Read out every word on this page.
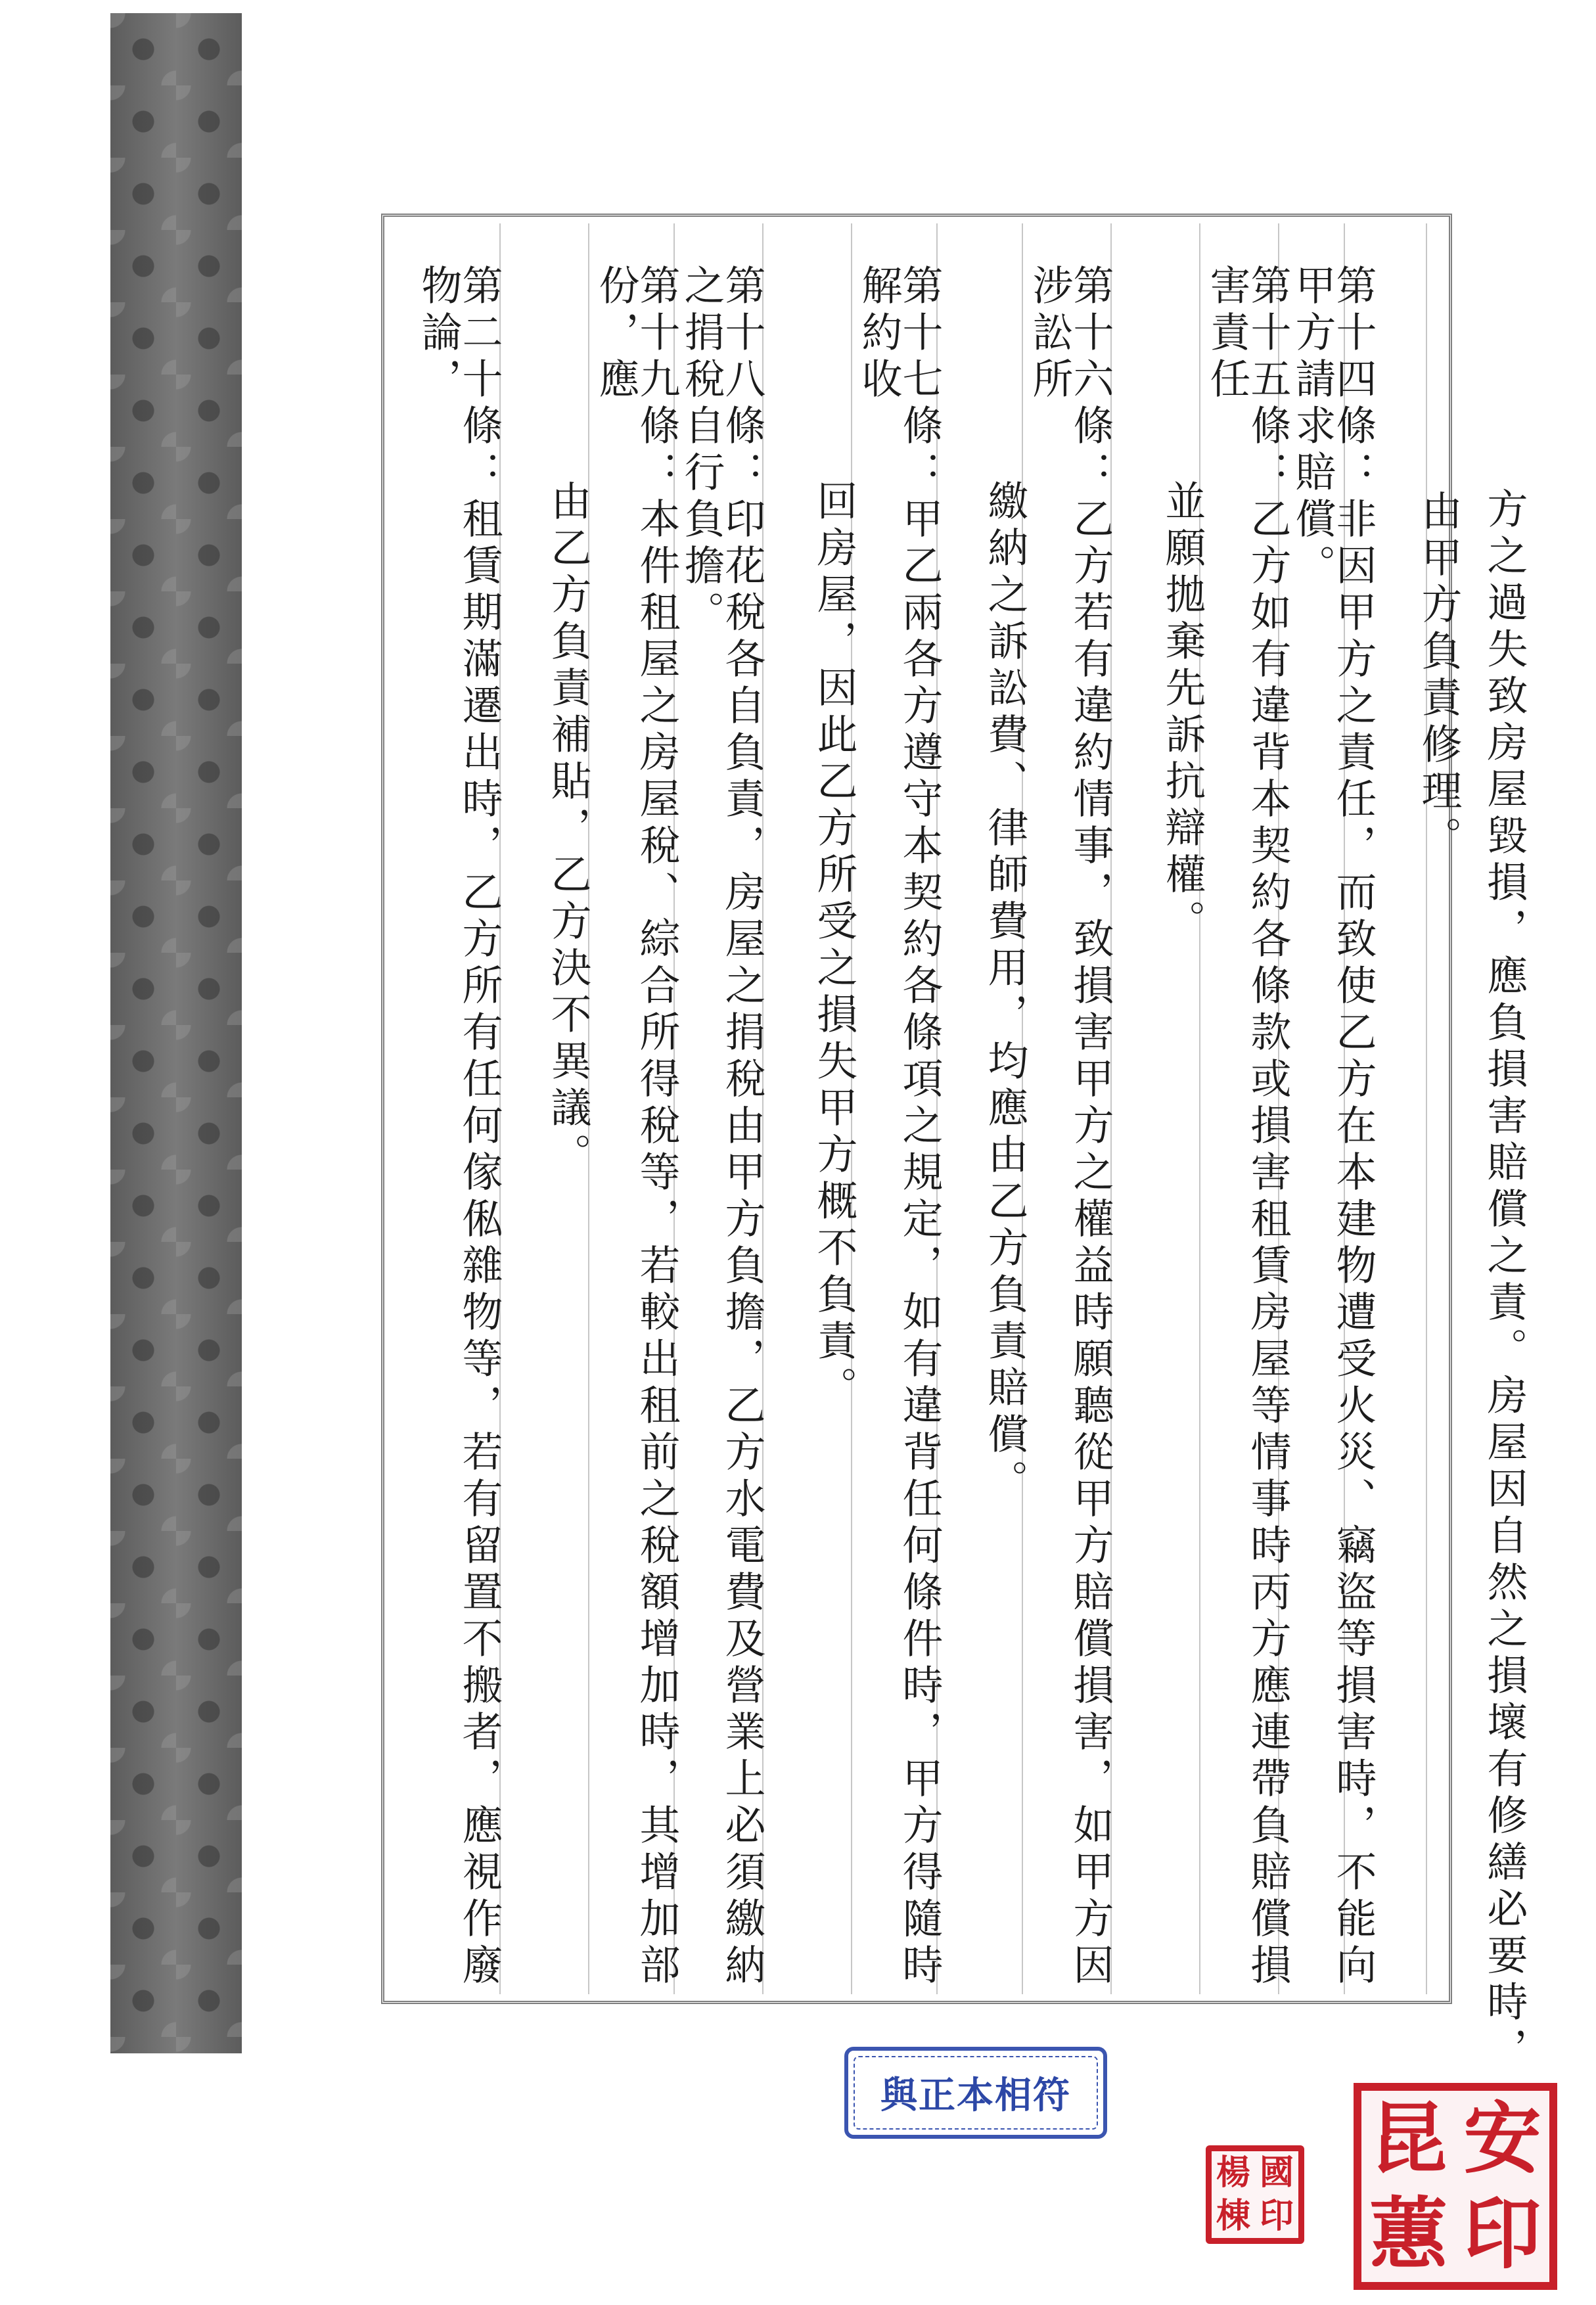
方之過失致房屋毀損，應負損害賠償之責。房屋因自然之損壞有修繕必要時，

由甲方負責修理。

第十四條：非因甲方之責任，而致使乙方在本建物遭受火災、竊盜等損害時，不能向甲方請求賠償。

第十五條：乙方如有違背本契約各條款或損害租賃房屋等情事時丙方應連帶負賠償損害責任

並願拋棄先訴抗辯權。

第十六條：乙方若有違約情事，致損害甲方之權益時願聽從甲方賠償損害，如甲方因涉訟所

繳納之訴訟費、律師費用，均應由乙方負責賠償。

第十七條：甲乙兩各方遵守本契約各條項之規定，如有違背任何條件時，甲方得隨時解約收

回房屋，因此乙方所受之損失甲方概不負責。

第十八條：印花稅各自負責，房屋之捐稅由甲方負擔，乙方水電費及營業上必須繳納之捐稅自行負擔。

第十九條：本件租屋之房屋稅、綜合所得稅等，若較出租前之稅額增加時，其增加部份，應

由乙方負責補貼，乙方決不異議。

第二十條：租賃期滿遷出時，乙方所有任何傢俬雜物等，若有留置不搬者，應視作廢物論，

與正本相符
楊 國
棟 印
昆 安
蕙 印
